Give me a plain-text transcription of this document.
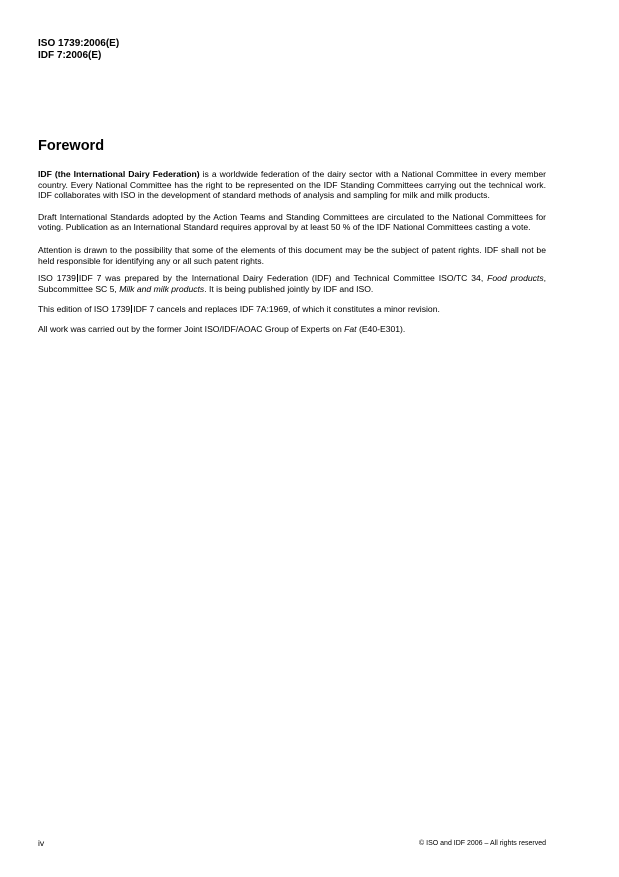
ISO 1739:2006(E)
IDF 7:2006(E)
Foreword

IDF (the International Dairy Federation) is a worldwide federation of the dairy sector with a National Committee in every member country. Every National Committee has the right to be represented on the IDF Standing Committees carrying out the technical work. IDF collaborates with ISO in the development of standard methods of analysis and sampling for milk and milk products.

Draft International Standards adopted by the Action Teams and Standing Committees are circulated to the National Committees for voting. Publication as an International Standard requires approval by at least 50 % of the IDF National Committees casting a vote.

Attention is drawn to the possibility that some of the elements of this document may be the subject of patent rights. IDF shall not be held responsible for identifying any or all such patent rights.

ISO 1739 IDF 7 was prepared by the International Dairy Federation (IDF) and Technical Committee ISO/TC 34, Food products, Subcommittee SC 5, Milk and milk products. It is being published jointly by IDF and ISO.

This edition of ISO 1739 IDF 7 cancels and replaces IDF 7A:1969, of which it constitutes a minor revision.

All work was carried out by the former Joint ISO/IDF/AOAC Group of Experts on Fat (E40-E301).

iv	© ISO and IDF 2006 – All rights reserved
